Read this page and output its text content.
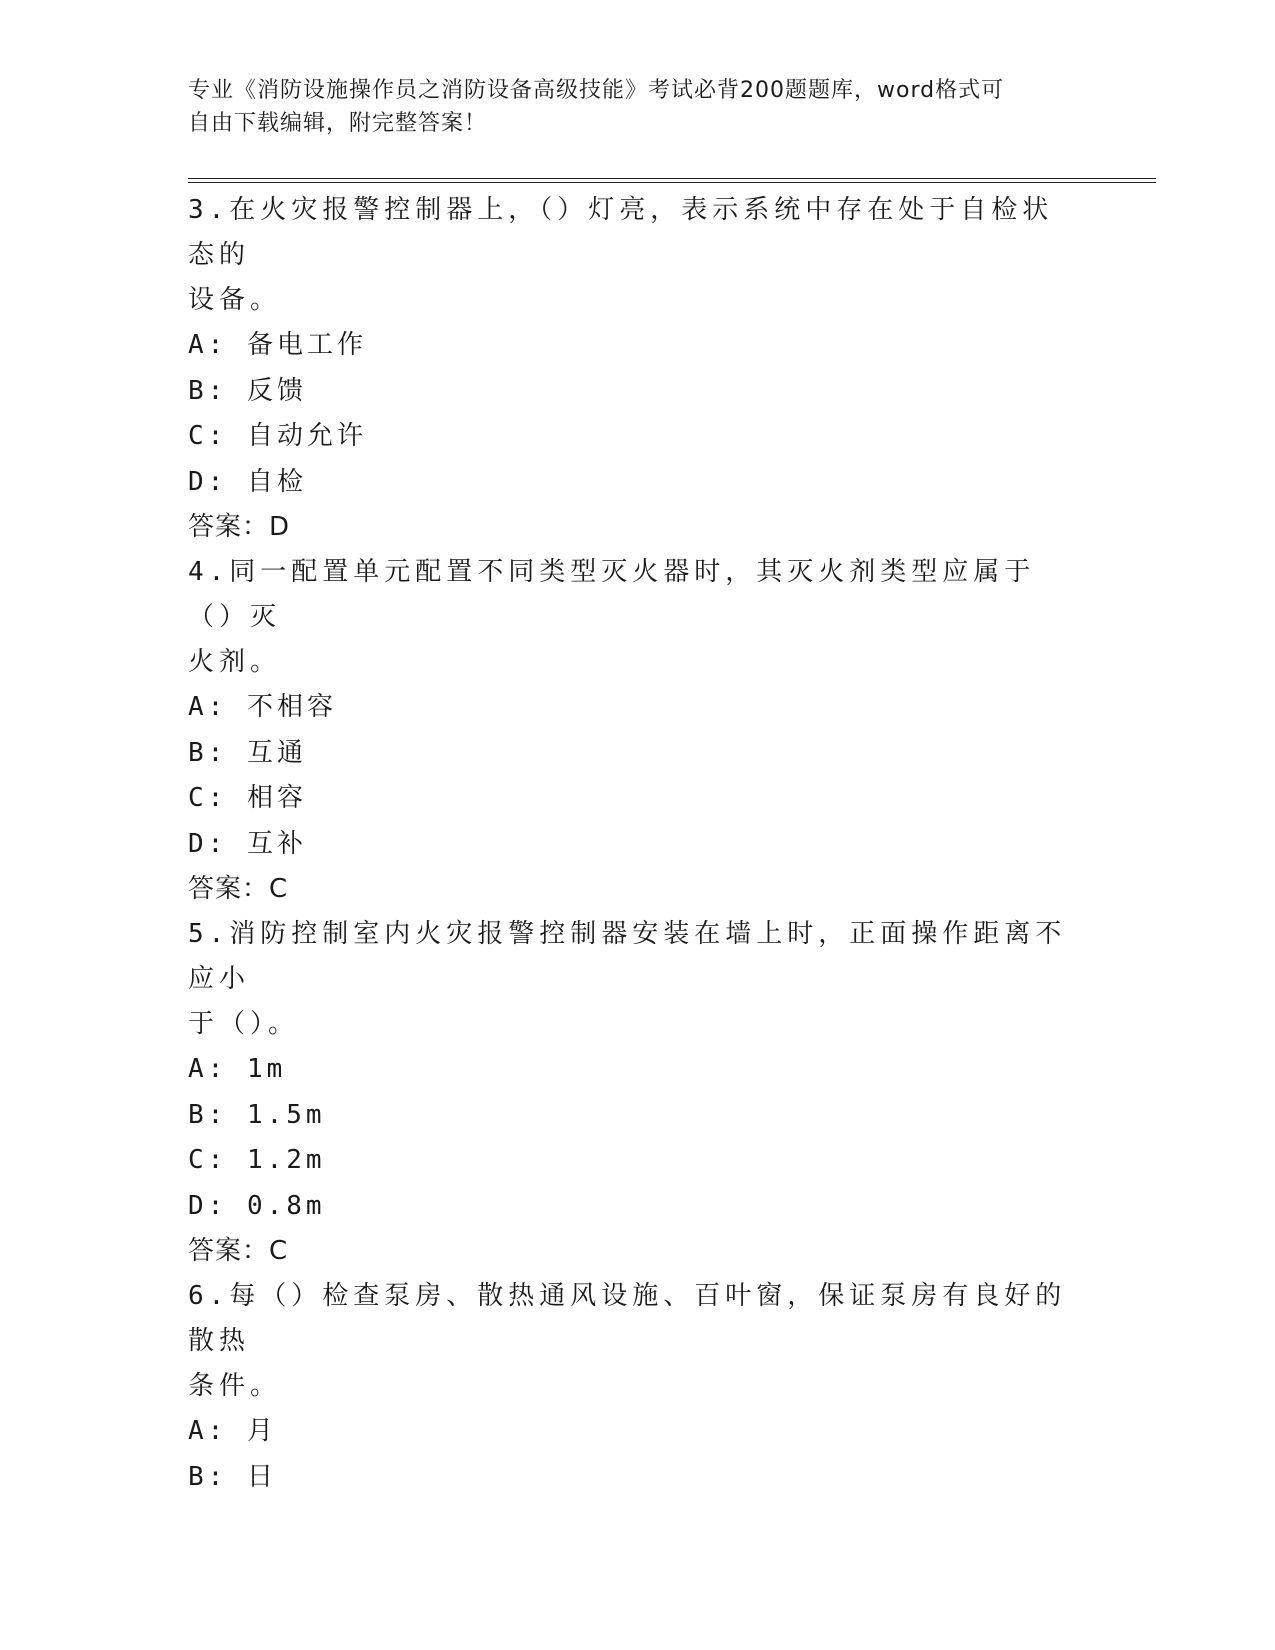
专业《消防设施操作员之消防设备高级技能》考试必背200题题库，word格式可
自由下载编辑，附完整答案！

3.在火灾报警控制器上，（）灯亮，表示系统中存在处于自检状态的

设备。

A: 备电工作

B: 反馈

C: 自动允许

D: 自检

答案：D

4.同一配置单元配置不同类型灭火器时，其灭火剂类型应属于（）灭

火剂。

A: 不相容

B: 互通

C: 相容

D: 互补

答案：C

5.消防控制室内火灾报警控制器安装在墙上时，正面操作距离不应小

于（）。

A: 1m

B: 1.5m

C: 1.2m

D: 0.8m

答案：C

6.每（）检查泵房、散热通风设施、百叶窗，保证泵房有良好的散热

条件。

A: 月

B: 日
